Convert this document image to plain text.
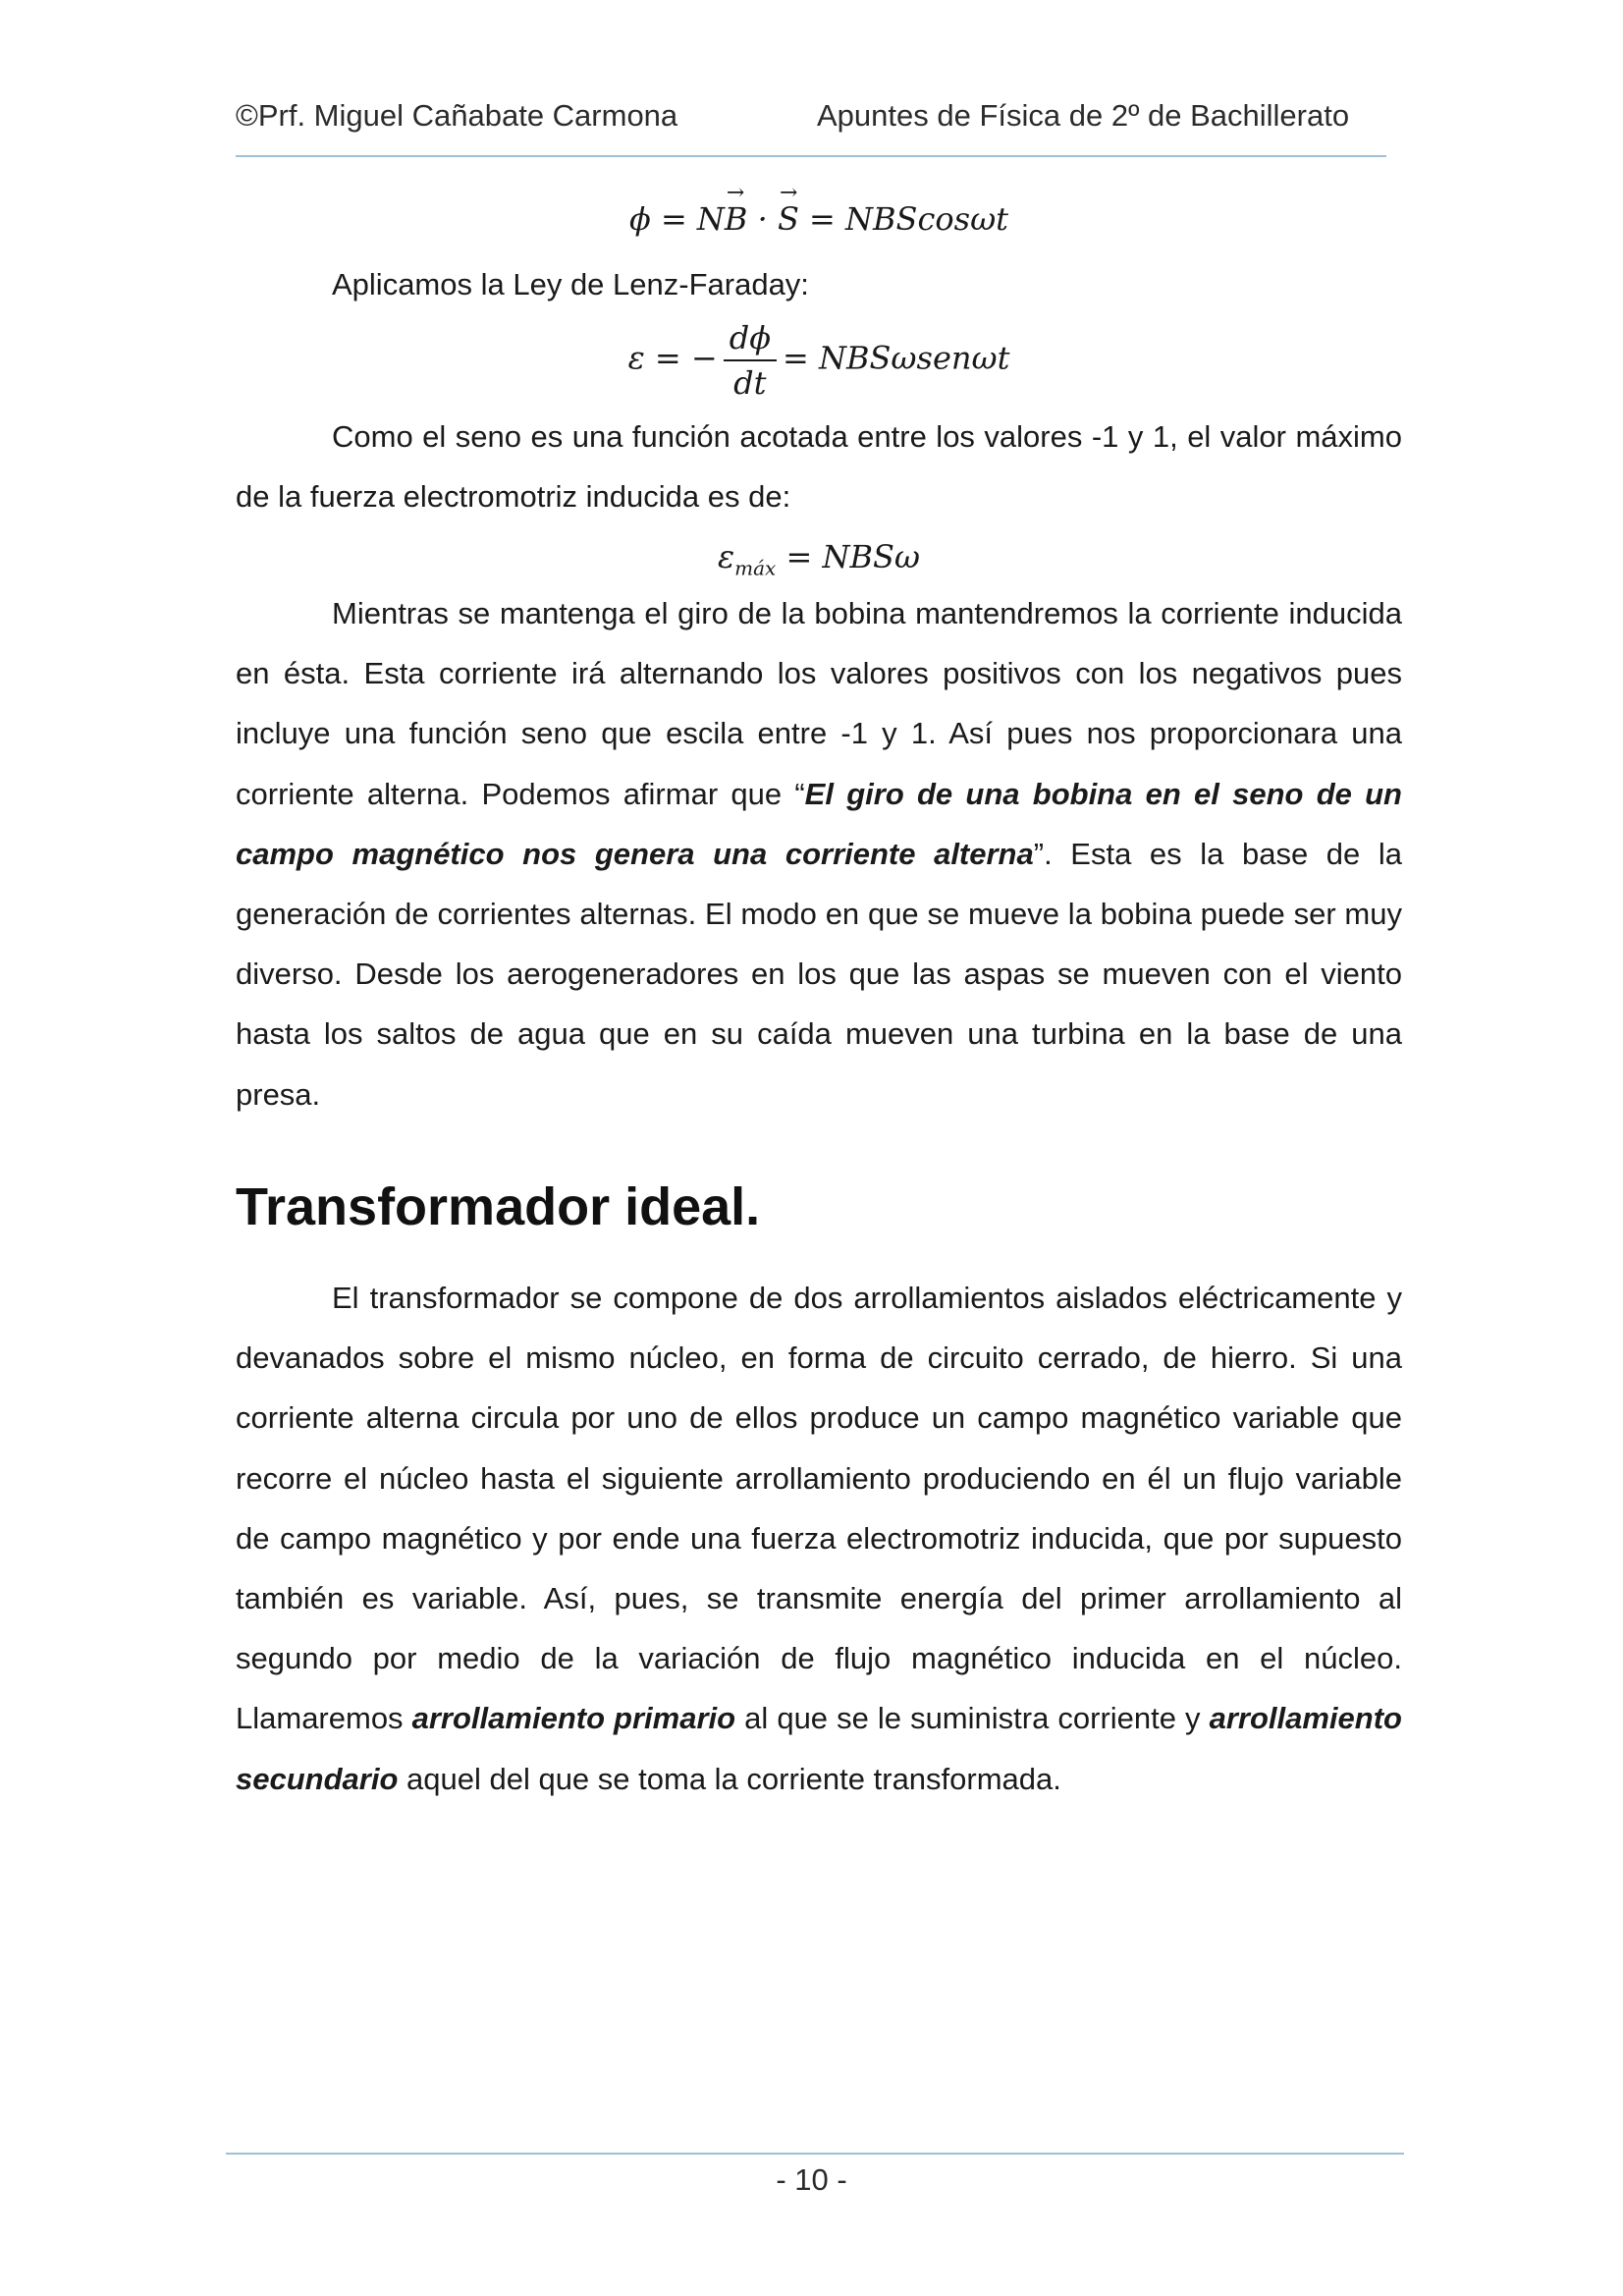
©Prf. Miguel Cañabate Carmona	Apuntes de Física de 2º de Bachillerato
ϕ = N→ B · → S = NBScosωt
Aplicamos la Ley de Lenz-Faraday:
ε = − $\frac{d\phi}{dt} = NBS\omega sen\omega t$
Como el seno es una función acotada entre los valores -1 y 1, el valor máximo de la fuerza electromotriz inducida es de:
$\varepsilon_{máx} = NBS\omega$
Mientras se mantenga el giro de la bobina mantendremos la corriente inducida en ésta. Esta corriente irá alternando los valores positivos con los negativos pues incluye una función seno que escila entre -1 y 1. Así pues nos proporcionara una corriente alterna. Podemos afirmar que “El giro de una bobina en el seno de un campo magnético nos genera una corriente alterna”. Esta es la base de la generación de corrientes alternas. El modo en que se mueve la bobina puede ser muy diverso. Desde los aerogeneradores en los que las aspas se mueven con el viento hasta los saltos de agua que en su caída mueven una turbina en la base de una presa.
Transformador ideal.
El transformador se compone de dos arrollamientos aislados eléctricamente y devanados sobre el mismo núcleo, en forma de circuito cerrado, de hierro. Si una corriente alterna circula por uno de ellos produce un campo magnético variable que recorre el núcleo hasta el siguiente arrollamiento produciendo en él un flujo variable de campo magnético y por ende una fuerza electromotriz inducida, que por supuesto también es variable. Así, pues, se transmite energía del primer arrollamiento al segundo por medio de la variación de flujo magnético inducida en el núcleo. Llamaremos arrollamiento primario al que se le suministra corriente y arrollamiento secundario aquel del que se toma la corriente transformada.
- 10 -
